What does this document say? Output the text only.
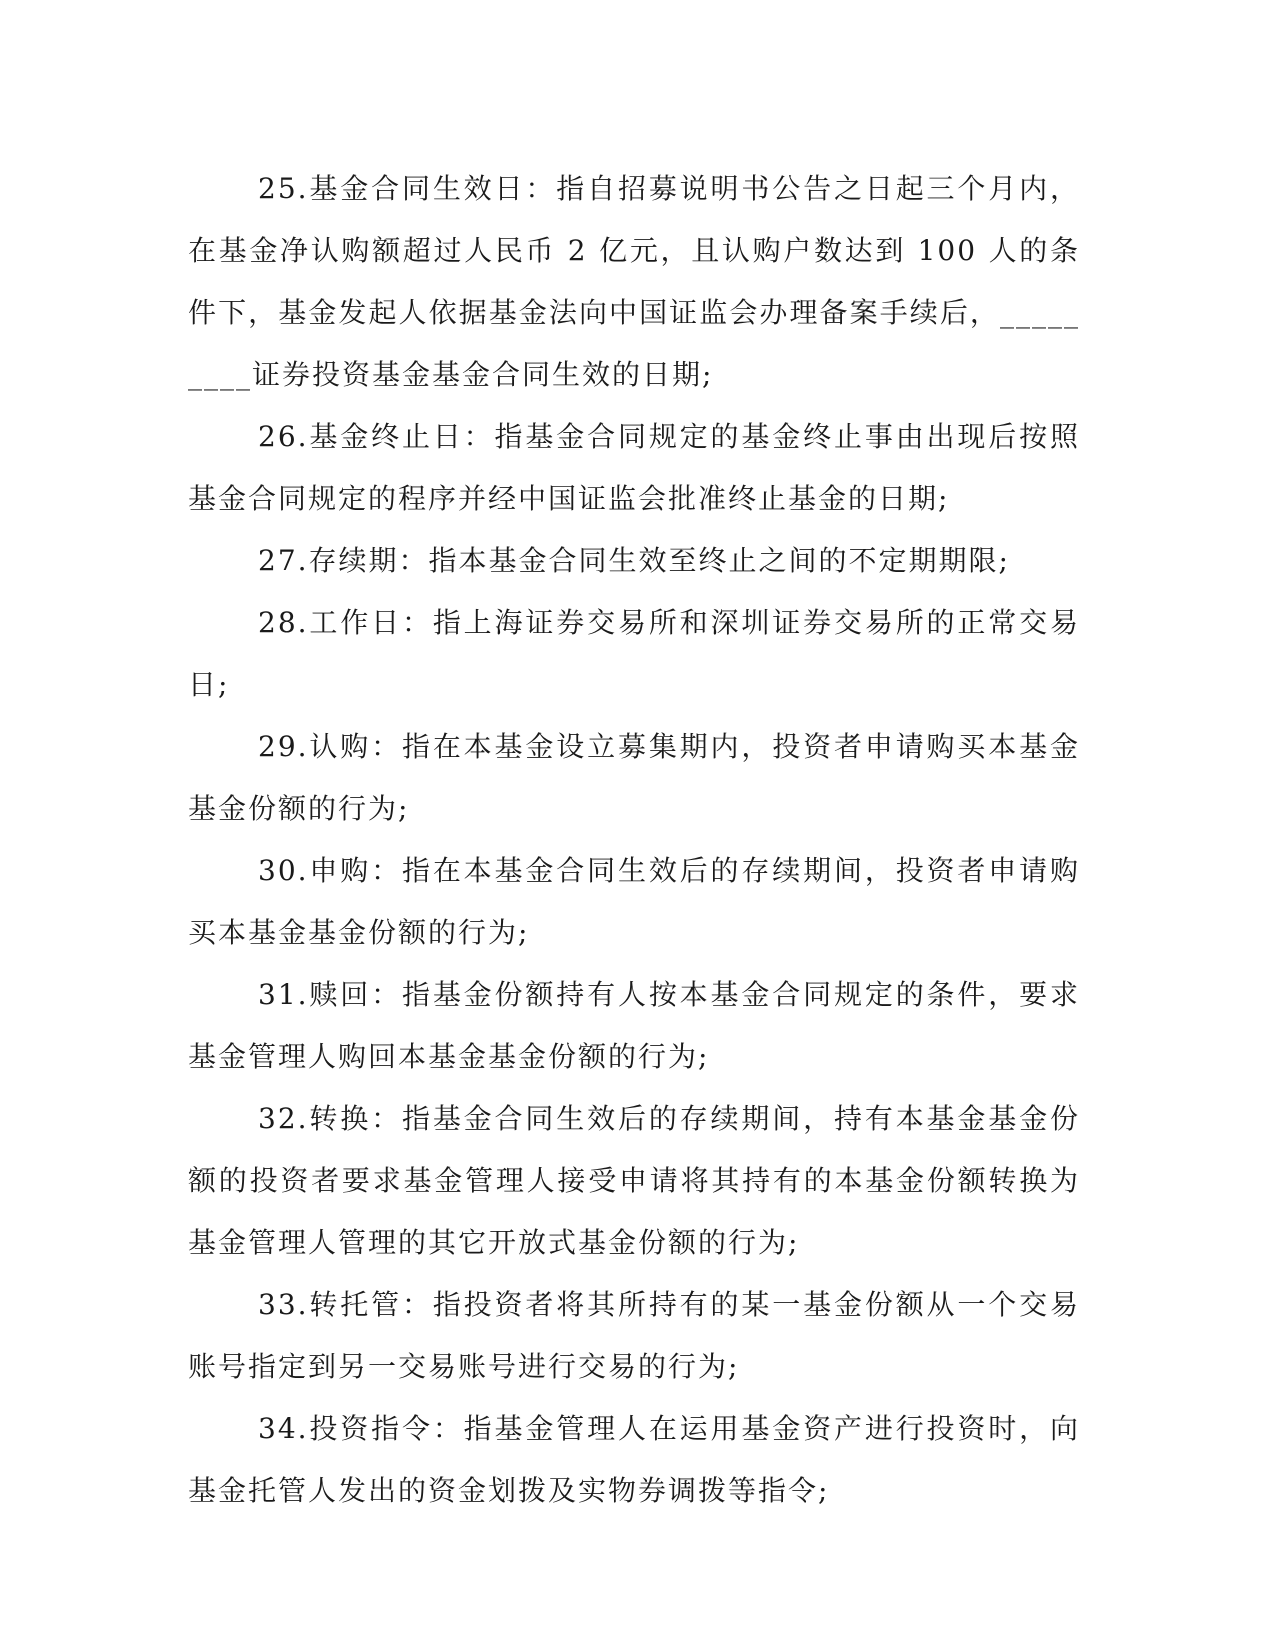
25.基金合同生效日：指自招募说明书公告之日起三个月内，在基金净认购额超过人民币 2 亿元，且认购户数达到 100 人的条件下，基金发起人依据基金法向中国证监会办理备案手续后，_________证券投资基金基金合同生效的日期;

26.基金终止日：指基金合同规定的基金终止事由出现后按照基金合同规定的程序并经中国证监会批准终止基金的日期;

27.存续期：指本基金合同生效至终止之间的不定期期限;

28.工作日：指上海证券交易所和深圳证券交易所的正常交易日;

29.认购：指在本基金设立募集期内，投资者申请购买本基金基金份额的行为;

30.申购：指在本基金合同生效后的存续期间，投资者申请购买本基金基金份额的行为;

31.赎回：指基金份额持有人按本基金合同规定的条件，要求基金管理人购回本基金基金份额的行为;

32.转换：指基金合同生效后的存续期间，持有本基金基金份额的投资者要求基金管理人接受申请将其持有的本基金份额转换为基金管理人管理的其它开放式基金份额的行为;

33.转托管：指投资者将其所持有的某一基金份额从一个交易账号指定到另一交易账号进行交易的行为;

34.投资指令：指基金管理人在运用基金资产进行投资时，向基金托管人发出的资金划拨及实物券调拨等指令;
